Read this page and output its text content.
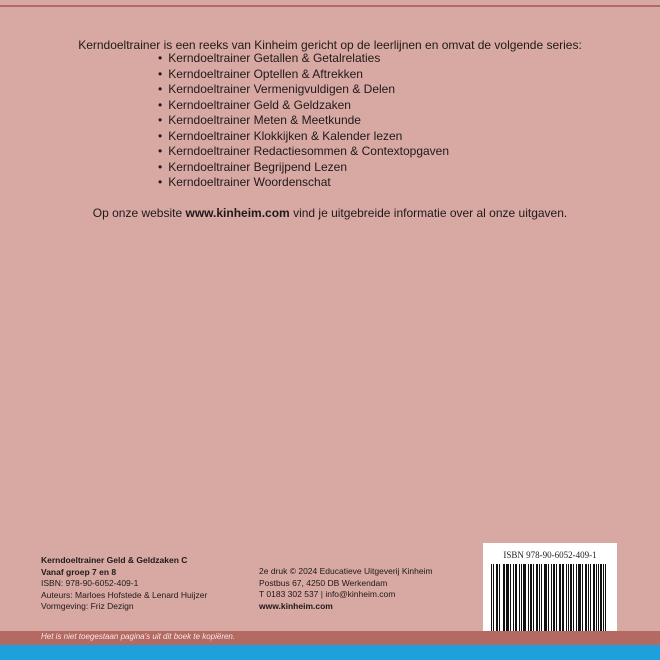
Kerndoeltrainer is een reeks van Kinheim gericht op de leerlijnen en omvat de volgende series:
• Kerndoeltrainer Getallen & Getalrelaties
• Kerndoeltrainer Optellen & Aftrekken
• Kerndoeltrainer Vermenigvuldigen & Delen
• Kerndoeltrainer Geld & Geldzaken
• Kerndoeltrainer Meten & Meetkunde
• Kerndoeltrainer Klokkijken & Kalender lezen
• Kerndoeltrainer Redactiesommen & Contextopgaven
• Kerndoeltrainer Begrijpend Lezen
• Kerndoeltrainer Woordenschat
Op onze website www.kinheim.com vind je uitgebreide informatie over al onze uitgaven.
Kerndoeltrainer Geld & Geldzaken C
Vanaf groep 7 en 8
ISBN: 978-90-6052-409-1
Auteurs: Marloes Hofstede & Lenard Huijzer
Vormgeving: Friz Dezign
2e druk © 2024 Educatieve Uitgeverij Kinheim
Postbus 67, 4250 DB Werkendam
T 0183 302 537 | info@kinheim.com
www.kinheim.com
ISBN 978-90-6052-409-1
Het is niet toegestaan pagina's uit dit boek te kopiëren.
